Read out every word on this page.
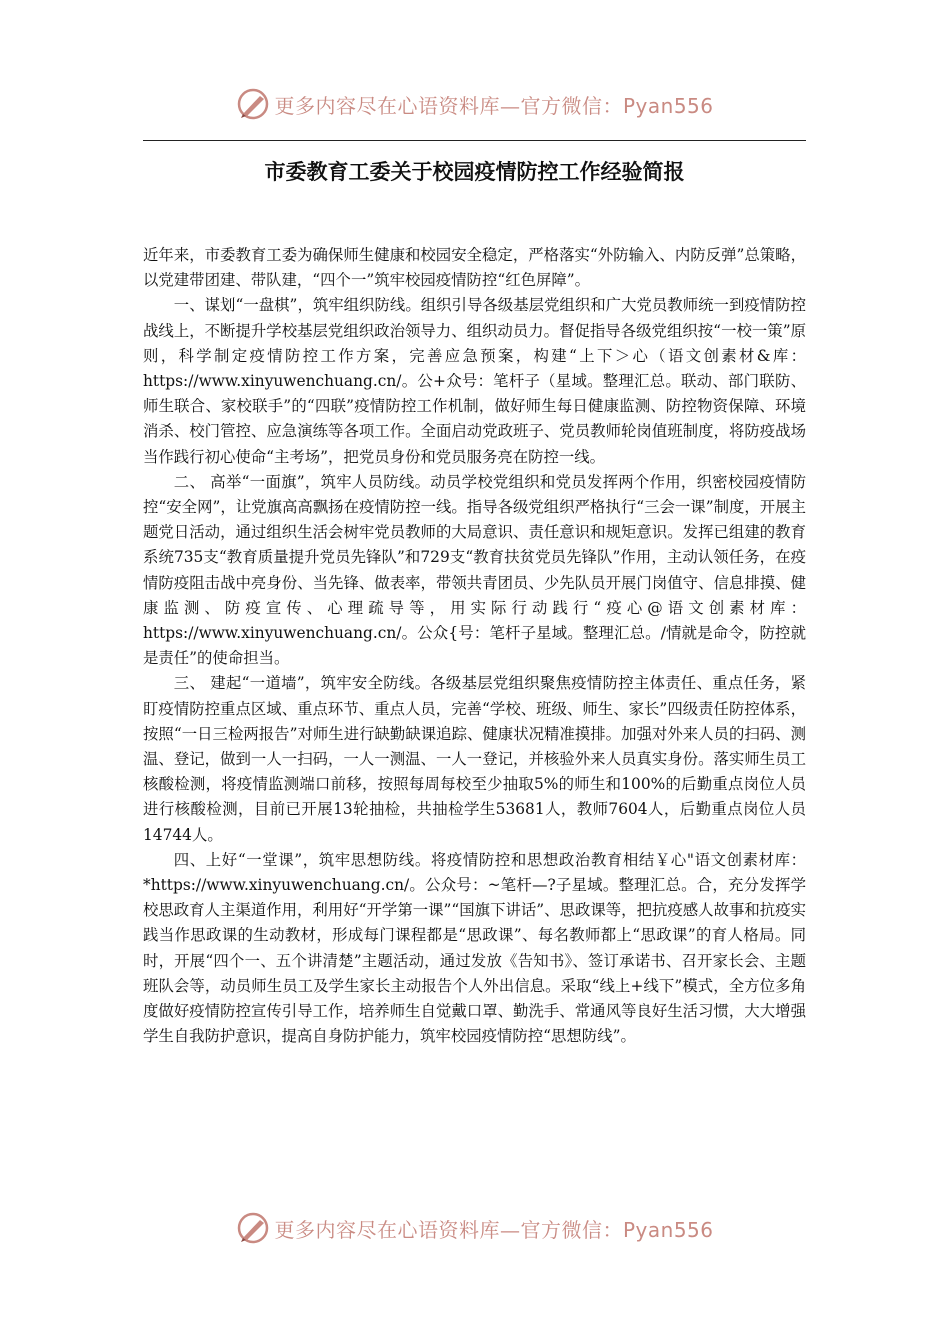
更多内容尽在心语资料库—官方微信：Pyan556
市委教育工委关于校园疫情防控工作经验简报

近年来，市委教育工委为确保师生健康和校园安全稳定，严格落实“外防输入、内防反弹”总策略，以党建带团建、带队建，“四个一”筑牢校园疫情防控“红色屏障”。

一、谋划“一盘棋”，筑牢组织防线。组织引导各级基层党组织和广大党员教师统一到疫情防控战线上，不断提升学校基层党组织政治领导力、组织动员力。督促指导各级党组织按“一校一策”原则，科学制定疫情防控工作方案，完善应急预案，构建“上下＞心（语文创素材&库：https://www.xinyuwenchuang.cn/。公+众号：笔杆子（星域。整理汇总。联动、部门联防、师生联合、家校联手”的“四联”疫情防控工作机制，做好师生每日健康监测、防控物资保障、环境消杀、校门管控、应急演练等各项工作。全面启动党政班子、党员教师轮岗值班制度，将防疫战场当作践行初心使命“主考场”，把党员身份和党员服务亮在防控一线。

二、 高举“一面旗”，筑牢人员防线。动员学校党组织和党员发挥两个作用，织密校园疫情防控“安全网”，让党旗高高飘扬在疫情防控一线。指导各级党组织严格执行“三会一课”制度，开展主题党日活动，通过组织生活会树牢党员教师的大局意识、责任意识和规矩意识。发挥已组建的教育系统735支“教育质量提升党员先锋队”和729支“教育扶贫党员先锋队”作用，主动认领任务，在疫情防疫阻击战中亮身份、当先锋、做表率，带领共青团员、少先队员开展门岗值守、信息排摸、健康监测、防疫宣传、心理疏导等，用实际行动践行“疫心@语文创素材库：https://www.xinyuwenchuang.cn/。公众{号：笔杆子星域。整理汇总。/情就是命令，防控就是责任”的使命担当。

三、 建起“一道墙”，筑牢安全防线。各级基层党组织聚焦疫情防控主体责任、重点任务，紧盯疫情防控重点区域、重点环节、重点人员，完善“学校、班级、师生、家长”四级责任防控体系，按照“一日三检两报告”对师生进行缺勤缺课追踪、健康状况精准摸排。加强对外来人员的扫码、测温、登记，做到一人一扫码，一人一测温、一人一登记，并核验外来人员真实身份。落实师生员工核酸检测，将疫情监测端口前移，按照每周每校至少抽取5%的师生和100%的后勤重点岗位人员进行核酸检测，目前已开展13轮抽检，共抽检学生53681人，教师7604人，后勤重点岗位人员14744人。

四、上好“一堂课”，筑牢思想防线。将疫情防控和思想政治教育相结￥心"语文创素材库：*https://www.xinyuwenchuang.cn/。公众号：~笔杆—?子星域。整理汇总。合，充分发挥学校思政育人主渠道作用，利用好“开学第一课”“国旗下讲话”、思政课等，把抗疫感人故事和抗疫实践当作思政课的生动教材，形成每门课程都是“思政课”、每名教师都上“思政课”的育人格局。同时，开展“四个一、五个讲清楚”主题活动，通过发放《告知书》、签订承诺书、召开家长会、主题班队会等，动员师生员工及学生家长主动报告个人外出信息。采取“线上+线下”模式，全方位多角度做好疫情防控宣传引导工作，培养师生自觉戴口罩、勤洗手、常通风等良好生活习惯，大大增强学生自我防护意识，提高自身防护能力，筑牢校园疫情防控“思想防线”。

更多内容尽在心语资料库—官方微信：Pyan556
